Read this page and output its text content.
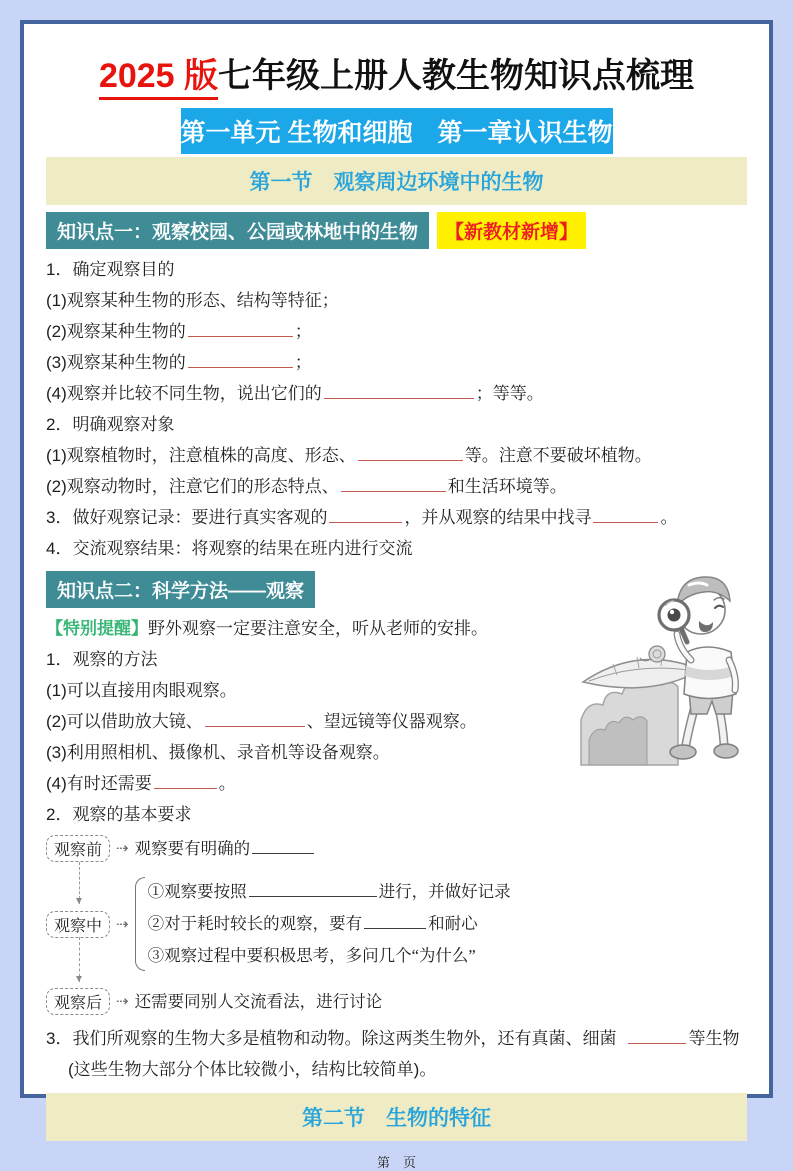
2025 版七年级上册人教生物知识点梳理
第一单元 生物和细胞　第一章认识生物
第一节　观察周边环境中的生物
知识点一：观察校园、公园或林地中的生物	【新教材新增】
1．确定观察目的
(1)观察某种生物的形态、结构等特征；
(2)观察某种生物的	；
(3)观察某种生物的	；
(4)观察并比较不同生物，说出它们的	；等等。
2．明确观察对象
(1)观察植物时，注意植株的高度、形态、	等。注意不要破坏植物。
(2)观察动物时，注意它们的形态特点、	和生活环境等。
3．做好观察记录：要进行真实客观的	，并从观察的结果中找寻	。
4．交流观察结果：将观察的结果在班内进行交流
知识点二：科学方法——观察
【特别提醒】野外观察一定要注意安全，听从老师的安排。
1．观察的方法
(1)可以直接用肉眼观察。
(2)可以借助放大镜、	、望远镜等仪器观察。
(3)利用照相机、摄像机、录音机等设备观察。
(4)有时还需要	。
2．观察的基本要求
观察前 ⇢ 观察要有明确的
观察中 ⇢
①观察要按照	进行，并做好记录
②对于耗时较长的观察，要有	和耐心
③观察过程中要积极思考，多问几个“为什么”
观察后 ⇢ 还需要同别人交流看法，进行讨论
3．我们所观察的生物大多是植物和动物。除这两类生物外，还有真菌、细菌	等生物(这些生物大部分个体比较微小，结构比较简单)。
第二节　生物的特征
第　页
